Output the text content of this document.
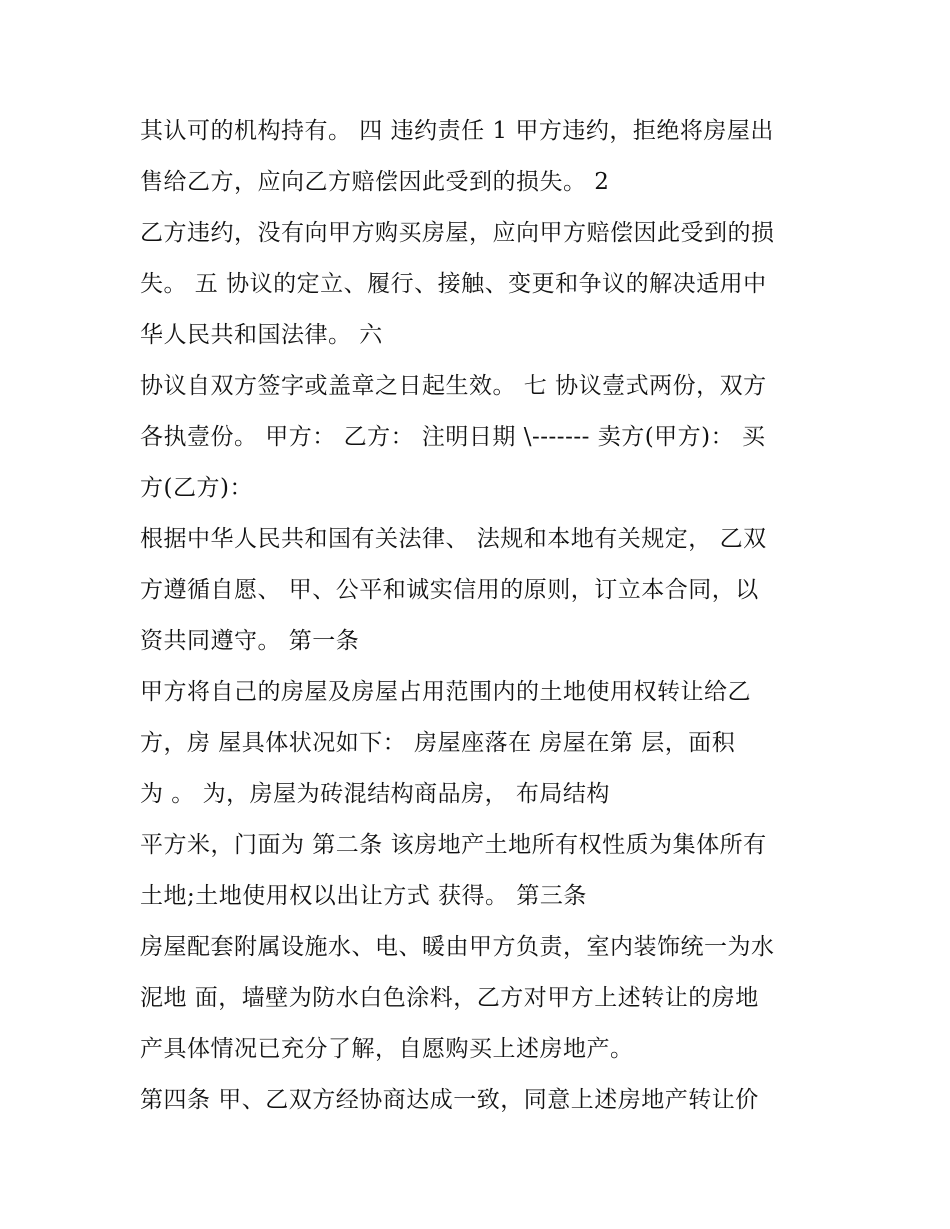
其认可的机构持有。 四 违约责任 1 甲方违约，拒绝将房屋出
售给乙方，应向乙方赔偿因此受到的损失。 2
乙方违约，没有向甲方购买房屋，应向甲方赔偿因此受到的损
失。 五 协议的定立、履行、接触、变更和争议的解决适用中
华人民共和国法律。 六
协议自双方签字或盖章之日起生效。 七 协议壹式两份，双方
各执壹份。 甲方： 乙方： 注明日期 \------- 卖方(甲方)： 买
方(乙方)：
根据中华人民共和国有关法律、 法规和本地有关规定， 乙双
方遵循自愿、 甲、公平和诚实信用的原则，订立本合同，以
资共同遵守。 第一条
甲方将自己的房屋及房屋占用范围内的土地使用权转让给乙
方，房 屋具体状况如下： 房屋座落在 房屋在第 层，面积
为 。 为，房屋为砖混结构商品房， 布局结构
平方米，门面为 第二条 该房地产土地所有权性质为集体所有
土地;土地使用权以出让方式 获得。 第三条
房屋配套附属设施水、电、暖由甲方负责，室内装饰统一为水
泥地 面，墙壁为防水白色涂料，乙方对甲方上述转让的房地
产具体情况已充分了解，自愿购买上述房地产。
第四条 甲、乙双方经协商达成一致，同意上述房地产转让价
